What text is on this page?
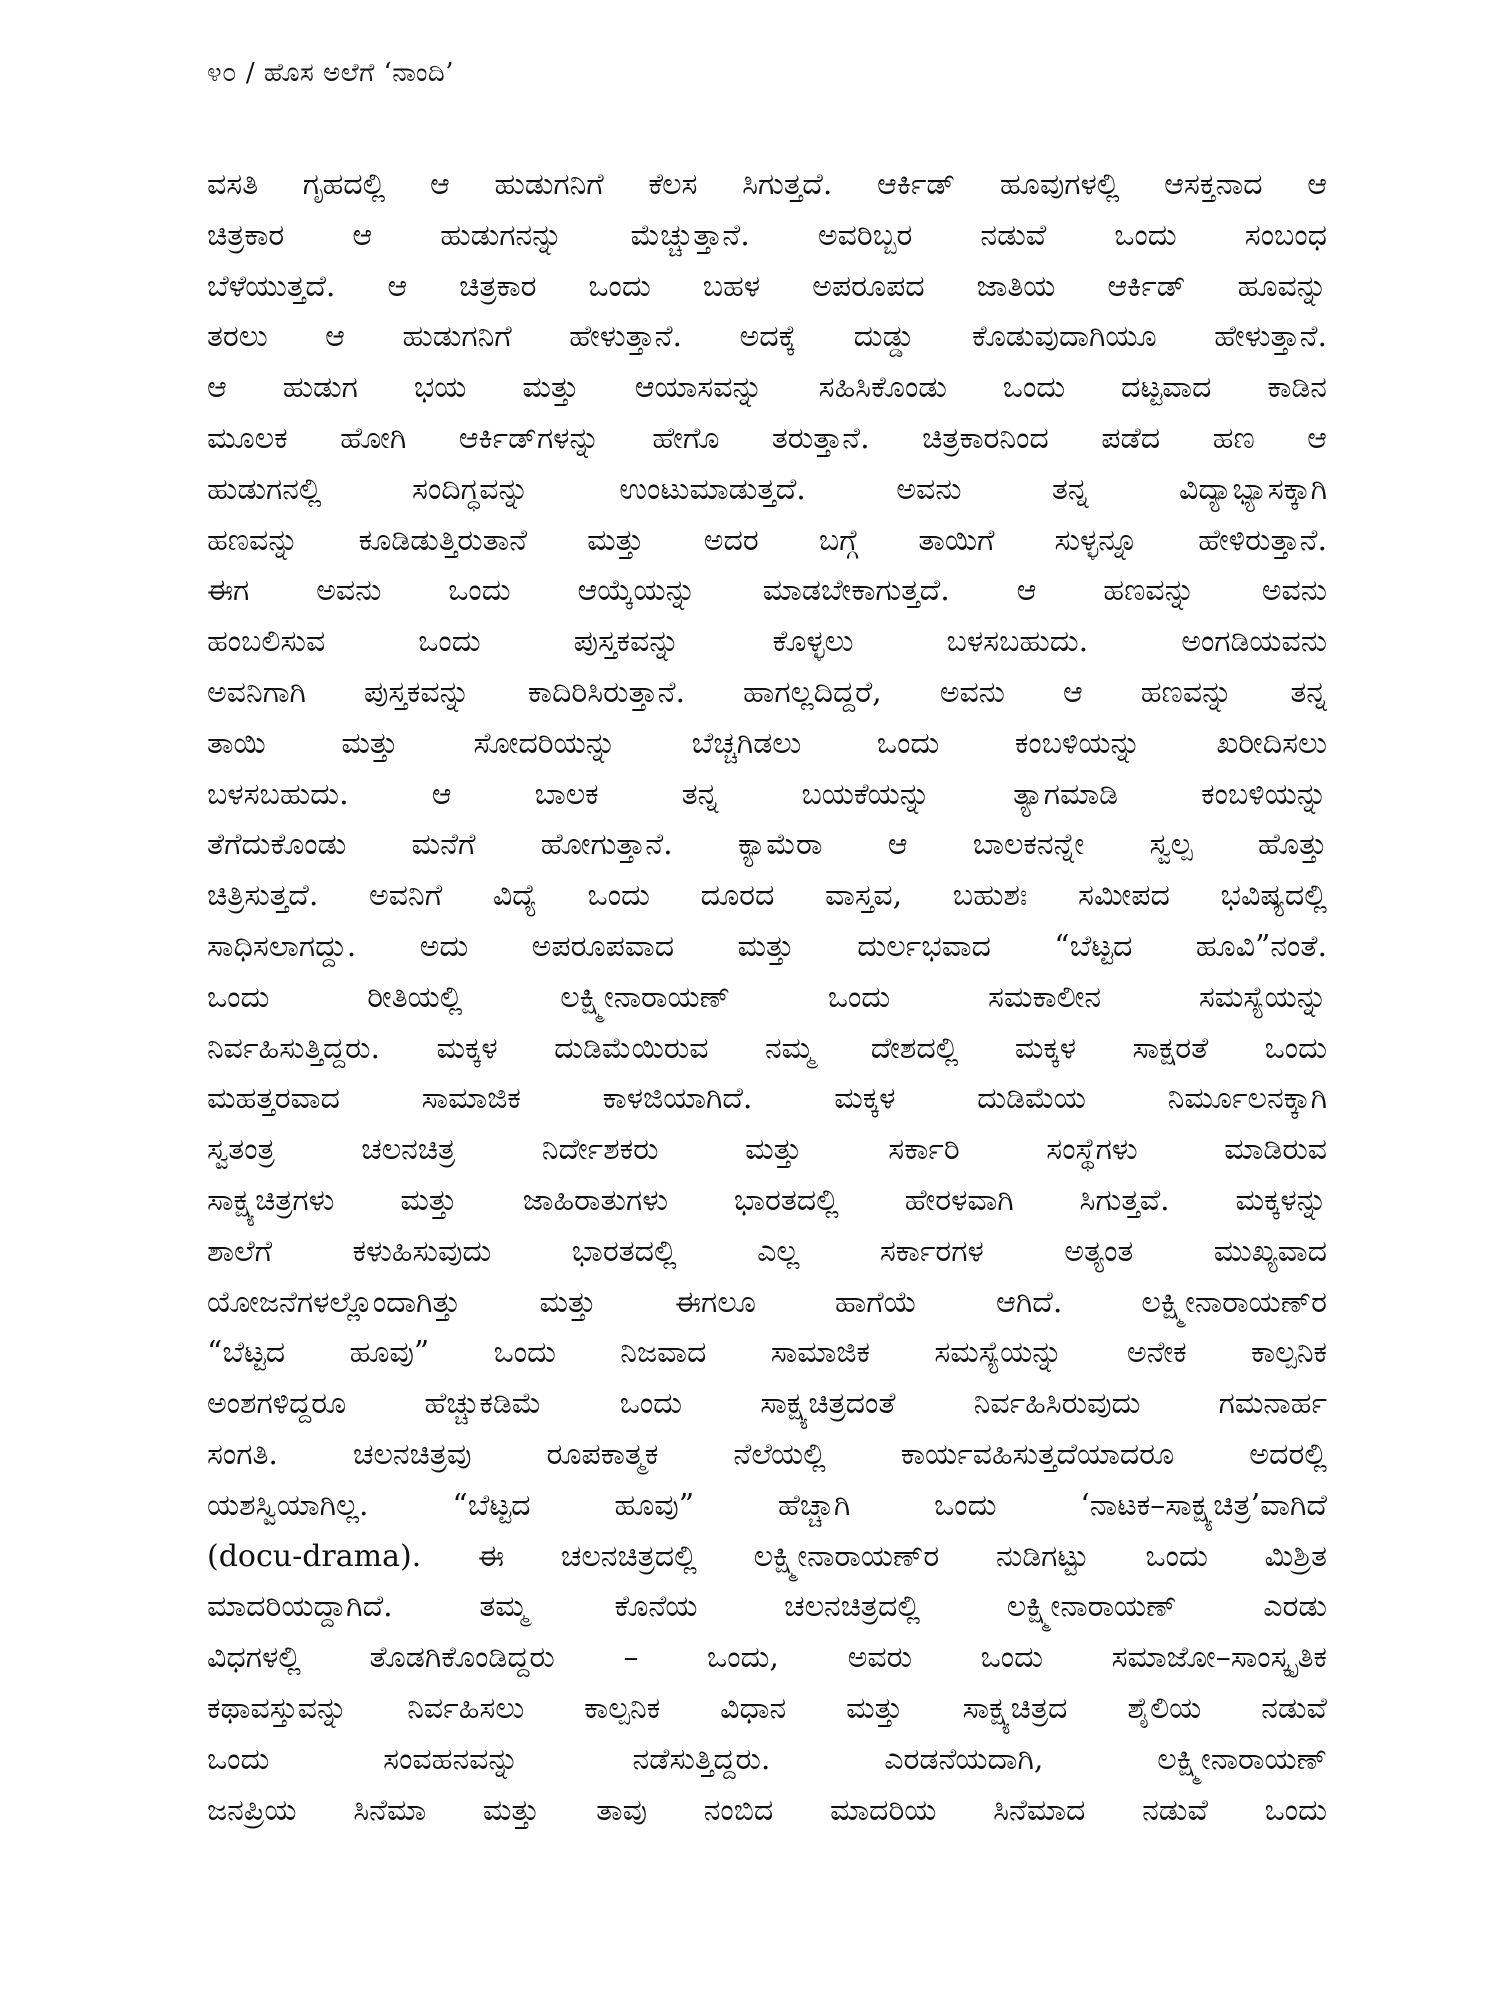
೪೦ / ಹೊಸ ಅಲೆಗೆ ‘ನಾಂದಿ’
ವಸತಿ ಗೃಹದಲ್ಲಿ ಆ ಹುಡುಗನಿಗೆ ಕೆಲಸ ಸಿಗುತ್ತದೆ. ಆರ್ಕಿಡ್ ಹೂವುಗಳಲ್ಲಿ ಆಸಕ್ತನಾದ ಆ
ಚಿತ್ರಕಾರ ಆ ಹುಡುಗನನ್ನು ಮೆಚ್ಚುತ್ತಾನೆ. ಅವರಿಬ್ಬರ ನಡುವೆ ಒಂದು ಸಂಬಂಧ
ಬೆಳೆಯುತ್ತದೆ. ಆ ಚಿತ್ರಕಾರ ಒಂದು ಬಹಳ ಅಪರೂಪದ ಜಾತಿಯ ಆರ್ಕಿಡ್ ಹೂವನ್ನು
ತರಲು ಆ ಹುಡುಗನಿಗೆ ಹೇಳುತ್ತಾನೆ. ಅದಕ್ಕೆ ದುಡ್ಡು ಕೊಡುವುದಾಗಿಯೂ ಹೇಳುತ್ತಾನೆ.
ಆ ಹುಡುಗ ಭಯ ಮತ್ತು ಆಯಾಸವನ್ನು ಸಹಿಸಿಕೊಂಡು ಒಂದು ದಟ್ಟವಾದ ಕಾಡಿನ
ಮೂಲಕ ಹೋಗಿ ಆರ್ಕಿಡ್‌ಗಳನ್ನು ಹೇಗೊ ತರುತ್ತಾನೆ. ಚಿತ್ರಕಾರನಿಂದ ಪಡೆದ ಹಣ ಆ
ಹುಡುಗನಲ್ಲಿ ಸಂದಿಗ್ಧವನ್ನು ಉಂಟುಮಾಡುತ್ತದೆ. ಅವನು ತನ್ನ ವಿದ್ಯಾಭ್ಯಾಸಕ್ಕಾಗಿ
ಹಣವನ್ನು ಕೂಡಿಡುತ್ತಿರುತಾನೆ ಮತ್ತು ಅದರ ಬಗ್ಗೆ ತಾಯಿಗೆ ಸುಳ್ಳನ್ನೂ ಹೇಳಿರುತ್ತಾನೆ.
ಈಗ ಅವನು ಒಂದು ಆಯ್ಕೆಯನ್ನು ಮಾಡಬೇಕಾಗುತ್ತದೆ. ಆ ಹಣವನ್ನು ಅವನು
ಹಂಬಲಿಸುವ ಒಂದು ಪುಸ್ತಕವನ್ನು ಕೊಳ್ಳಲು ಬಳಸಬಹುದು. ಅಂಗಡಿಯವನು
ಅವನಿಗಾಗಿ ಪುಸ್ತಕವನ್ನು ಕಾದಿರಿಸಿರುತ್ತಾನೆ. ಹಾಗಲ್ಲದಿದ್ದರೆ, ಅವನು ಆ ಹಣವನ್ನು ತನ್ನ
ತಾಯಿ ಮತ್ತು ಸೋದರಿಯನ್ನು ಬೆಚ್ಚಗಿಡಲು ಒಂದು ಕಂಬಳಿಯನ್ನು ಖರೀದಿಸಲು
ಬಳಸಬಹುದು. ಆ ಬಾಲಕ ತನ್ನ ಬಯಕೆಯನ್ನು ತ್ಯಾಗಮಾಡಿ ಕಂಬಳಿಯನ್ನು
ತೆಗೆದುಕೊಂಡು ಮನೆಗೆ ಹೋಗುತ್ತಾನೆ. ಕ್ಯಾಮೆರಾ ಆ ಬಾಲಕನನ್ನೇ ಸ್ವಲ್ಪ ಹೊತ್ತು
ಚಿತ್ರಿಸುತ್ತದೆ. ಅವನಿಗೆ ವಿದ್ಯೆ ಒಂದು ದೂರದ ವಾಸ್ತವ, ಬಹುಶಃ ಸಮೀಪದ ಭವಿಷ್ಯದಲ್ಲಿ
ಸಾಧಿಸಲಾಗದ್ದು. ಅದು ಅಪರೂಪವಾದ ಮತ್ತು ದುರ್ಲಭವಾದ “ಬೆಟ್ಟದ ಹೂವಿ”ನಂತೆ.
ಒಂದು ರೀತಿಯಲ್ಲಿ ಲಕ್ಷ್ಮೀನಾರಾಯಣ್ ಒಂದು ಸಮಕಾಲೀನ ಸಮಸ್ಯೆಯನ್ನು
ನಿರ್ವಹಿಸುತ್ತಿದ್ದರು. ಮಕ್ಕಳ ದುಡಿಮೆಯಿರುವ ನಮ್ಮ ದೇಶದಲ್ಲಿ ಮಕ್ಕಳ ಸಾಕ್ಷರತೆ ಒಂದು
ಮಹತ್ತರವಾದ ಸಾಮಾಜಿಕ ಕಾಳಜಿಯಾಗಿದೆ. ಮಕ್ಕಳ ದುಡಿಮೆಯ ನಿರ್ಮೂಲನಕ್ಕಾಗಿ
ಸ್ವತಂತ್ರ ಚಲನಚಿತ್ರ ನಿರ್ದೇಶಕರು ಮತ್ತು ಸರ್ಕಾರಿ ಸಂಸ್ಥೆಗಳು ಮಾಡಿರುವ
ಸಾಕ್ಷ್ಯಚಿತ್ರಗಳು ಮತ್ತು ಜಾಹಿರಾತುಗಳು ಭಾರತದಲ್ಲಿ ಹೇರಳವಾಗಿ ಸಿಗುತ್ತವೆ. ಮಕ್ಕಳನ್ನು
ಶಾಲೆಗೆ ಕಳುಹಿಸುವುದು ಭಾರತದಲ್ಲಿ ಎಲ್ಲ ಸರ್ಕಾರಗಳ ಅತ್ಯಂತ ಮುಖ್ಯವಾದ
ಯೋಜನೆಗಳಲ್ಲೊಂದಾಗಿತ್ತು ಮತ್ತು ಈಗಲೂ ಹಾಗೆಯೆ ಆಗಿದೆ. ಲಕ್ಷ್ಮೀನಾರಾಯಣ್‌ರ
“ಬೆಟ್ಟದ ಹೂವು” ಒಂದು ನಿಜವಾದ ಸಾಮಾಜಿಕ ಸಮಸ್ಯೆಯನ್ನು ಅನೇಕ ಕಾಲ್ಪನಿಕ
ಅಂಶಗಳಿದ್ದರೂ ಹೆಚ್ಚುಕಡಿಮೆ ಒಂದು ಸಾಕ್ಷ್ಯಚಿತ್ರದಂತೆ ನಿರ್ವಹಿಸಿರುವುದು ಗಮನಾರ್ಹ
ಸಂಗತಿ. ಚಲನಚಿತ್ರವು ರೂಪಕಾತ್ಮಕ ನೆಲೆಯಲ್ಲಿ ಕಾರ್ಯವಹಿಸುತ್ತದೆಯಾದರೂ ಅದರಲ್ಲಿ
ಯಶಸ್ವಿಯಾಗಿಲ್ಲ. “ಬೆಟ್ಟದ ಹೂವು” ಹೆಚ್ಚಾಗಿ ಒಂದು ‘ನಾಟಕ–ಸಾಕ್ಷ್ಯಚಿತ್ರ’ವಾಗಿದೆ
(docu-drama). ಈ ಚಲನಚಿತ್ರದಲ್ಲಿ ಲಕ್ಷ್ಮೀನಾರಾಯಣ್‌ರ ನುಡಿಗಟ್ಟು ಒಂದು ಮಿಶ್ರಿತ
ಮಾದರಿಯದ್ದಾಗಿದೆ. ತಮ್ಮ ಕೊನೆಯ ಚಲನಚಿತ್ರದಲ್ಲಿ ಲಕ್ಷ್ಮೀನಾರಾಯಣ್ ಎರಡು
ವಿಧಗಳಲ್ಲಿ ತೊಡಗಿಕೊಂಡಿದ್ದರು – ಒಂದು, ಅವರು ಒಂದು ಸಮಾಜೋ–ಸಾಂಸ್ಕೃತಿಕ
ಕಥಾವಸ್ತುವನ್ನು ನಿರ್ವಹಿಸಲು ಕಾಲ್ಪನಿಕ ವಿಧಾನ ಮತ್ತು ಸಾಕ್ಷ್ಯಚಿತ್ರದ ಶೈಲಿಯ ನಡುವೆ
ಒಂದು ಸಂವಹನವನ್ನು ನಡೆಸುತ್ತಿದ್ದರು. ಎರಡನೆಯದಾಗಿ, ಲಕ್ಷ್ಮೀನಾರಾಯಣ್
ಜನಪ್ರಿಯ ಸಿನೆಮಾ ಮತ್ತು ತಾವು ನಂಬಿದ ಮಾದರಿಯ ಸಿನೆಮಾದ ನಡುವೆ ಒಂದು
